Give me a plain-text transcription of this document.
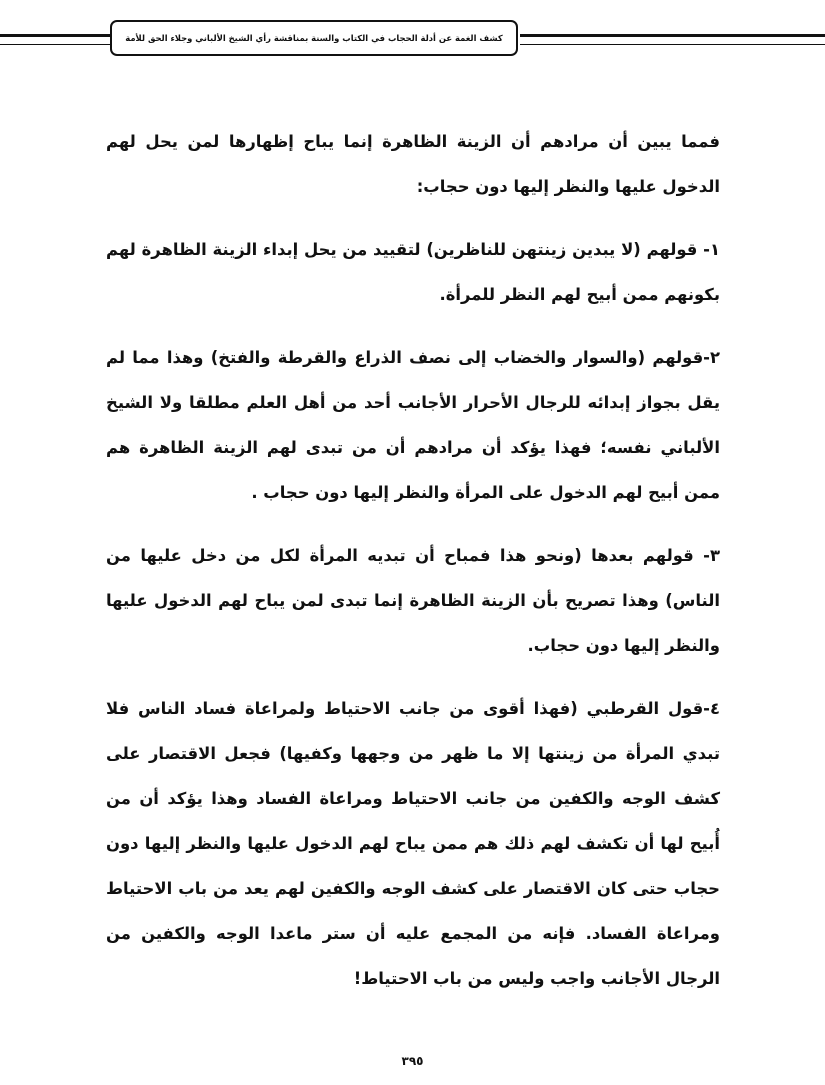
كشف الغمة عن أدلة الحجاب في الكتاب والسنة بمناقشة رأي الشيخ الألباني وجلاء الحق للأمة

فمما يبين أن مرادهم أن الزينة الظاهرة إنما يباح إظهارها لمن يحل لهم الدخول عليها والنظر إليها دون حجاب:

١- قولهم (لا يبدين زينتهن للناظرين) لتقييد من يحل إبداء الزينة الظاهرة لهم بكونهم ممن أبيح لهم النظر للمرأة.

٢-قولهم (والسوار والخضاب إلى نصف الذراع والقرطة والفتخ) وهذا مما لم يقل بجواز إبدائه للرجال الأحرار الأجانب أحد من أهل العلم مطلقا ولا الشيخ الألباني نفسه؛ فهذا يؤكد أن مرادهم أن من تبدى لهم الزينة الظاهرة هم ممن أبيح لهم الدخول على المرأة والنظر إليها دون حجاب .

٣- قولهم بعدها (ونحو هذا فمباح أن تبديه المرأة لكل من دخل عليها من الناس) وهذا تصريح بأن الزينة الظاهرة إنما تبدى لمن يباح لهم الدخول عليها والنظر إليها دون حجاب.

٤-قول القرطبي (فهذا أقوى من جانب الاحتياط ولمراعاة فساد الناس فلا تبدي المرأة من زينتها إلا ما ظهر من وجهها وكفيها) فجعل الاقتصار على كشف الوجه والكفين من جانب الاحتياط ومراعاة الفساد وهذا يؤكد أن من أُبيح لها أن تكشف لهم ذلك هم ممن يباح لهم الدخول عليها والنظر إليها دون حجاب حتى كان الاقتصار على كشف الوجه والكفين لهم يعد من باب الاحتياط ومراعاة الفساد. فإنه من المجمع عليه أن ستر ماعدا الوجه والكفين من الرجال الأجانب واجب وليس من باب الاحتياط!

٣٩٥
